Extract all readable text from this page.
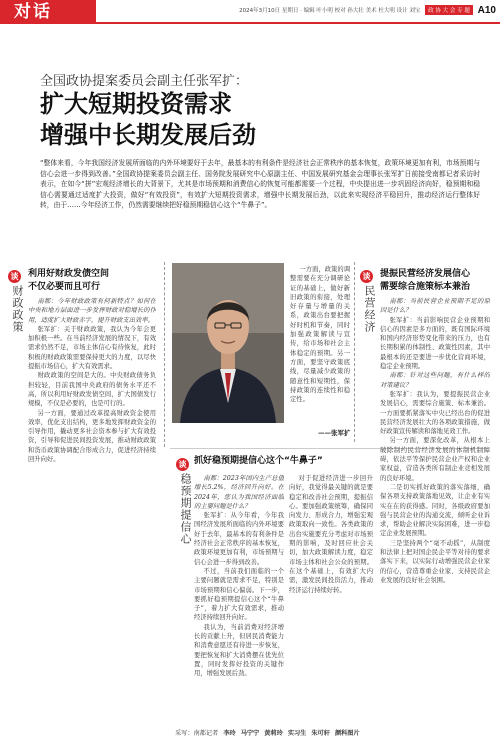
对话	2024年3月10日 星期日 · 编辑 叶小明 校对 孙大壮 美术 杜大明 设计 刘宝 政 协 大 会 专 题 A10
全国政协提案委员会副主任张军扩：
扩大短期投资需求
增强中长期发展后劲

“整体来看，今年我国经济发展所面临的内外环境要好于去年，最基本的有利条件是经济社会正常秩序的基本恢复，政策环境更加有利，市场预期与信心会进一步得到改善。”全国政协提案委员会副主任、国务院发展研究中心原副主任、中国发展研究基金会理事长张军扩日前接受南都记者采访时表示，在如今“拼”宏观经济增长的大背景下，尤其是市场预期和消费信心的恢复可能都需要一个过程，中央提出进一步巩固经济向好，稳预期和稳信心需要通过适度扩大投资，做好“有效投资”，有效扩大短期投资需求，增强中长期发展后劲，以此来实现经济平稳回升，推动经济运行整体好转，由于……今年经济工作，仍然需要继续把好稳预期稳信心这个“牛鼻子”。

谈
财政政策
利用好财政发债空间
不仅必要而且可行

南都：今年财政政策有何新特点？如何在中央和地方层面进一步发挥财政对稳增长的作用，适度扩大财政赤字，提升财政支出效率。

张军扩：关于财政政策，我认为今年会更加积极一些。在当前经济发展的情况下，有效需求仍然不足，市场主体信心有待恢复，此时积极的财政政策需要保持更大的力度，以尽快提振市场信心，扩大有效需求。

财政政策的空间是大的。中央财政债务负担较轻，目前我国中央政府的债务水平还不高，所以利用好财政发债空间，扩大国债发行规模，不仅是必要的，也是可行的。

另一方面，要通过改革提高财政资金使用效率，优化支出结构，更多地发挥财政资金的引导作用，撬动更多社会资本参与扩大有效投资，引导和促进民间投资发展，推动财政政策和货币政策协调配合形成合力，促进经济持续回升向好。

一方面，政策的调整需要在充分调研论证的基础上，做好新旧政策的衔接，处理好存量与增量的关系，政策出台要把握好时机和节奏，同时加强政策解读与宣传，给市场和社会主体稳定的预期。另一方面，要坚守政策底线，尽量减少政策的随意性和短期性，保持政策的连续性和稳定性。

——张军扩
谈
民营经济
提振民营经济发展信心
需要综合施策标本兼治

南都：当前民营企业预期不足的原因是什么？

张军扩：当前影响民营企业预期和信心的因素是多方面的，既有国际环境和国内经济形势变化带来的压力，也有长期积累的体制性、政策性因素，其中最根本的还是要进一步优化营商环境，稳定企业预期。

南都：针对这些问题，有什么样的对策建议？

张军扩：我认为，要提振民营企业发展信心，需要综合施策、标本兼治。一方面要抓紧落实中央已经出台的促进民营经济发展壮大的各项政策措施，做好政策宣传解读和落地见效工作。

另一方面，要深化改革，从根本上破除制约民营经济发展的体制机制障碍，依法平等保护民营企业产权和企业家权益，营造各类所有制企业竞相发展的良好环境。

二是切实抓好政策的落实落细，确保各项支持政策落地见效，让企业有实实在在的获得感。同时，各级政府要加强与民营企业的沟通交流，倾听企业诉求，帮助企业解决实际困难，进一步稳定企业发展预期。

三是坚持两个“毫不动摇”，从制度和法律上把对国企民企平等对待的要求落实下来，以实际行动增强民营企业家的信心，营造尊重企业家、支持民营企业发展的良好社会氛围。

谈
稳预期提信心
抓好稳预期提信心这个“牛鼻子”

南都：2023年国内生产总值增长5.2%，经济回升向好。在2024年，您认为我国经济面临的主要问题是什么？

张军扩：从今年看，今年我国经济发展所面临的内外环境要好于去年，最基本的有利条件是经济社会正常秩序的基本恢复，政策环境更加有利，市场预期与信心会进一步得到改善。

不过，当前我们面临的一个主要问题就是需求不足，特别是市场预期和信心偏弱。下一步，要抓好稳预期提信心这个“牛鼻子”，着力扩大有效需求，推动经济持续回升向好。

我认为，当前消费对经济增长的贡献上升，但居民消费能力和消费意愿还有待进一步恢复，要把恢复和扩大消费摆在优先位置，同时发挥好投资的关键作用，增强发展后劲。

对于促进经济进一步回升向好，我觉得最关键的就是要稳定和改善社会预期，提振信心。要加强政策统筹，确保同向发力、形成合力，增强宏观政策取向一致性。各类政策的出台实施要充分考虑对市场预期的影响，及时回应社会关切，加大政策解读力度，稳定市场主体和社会公众的预期。在这个基础上，有效扩大内需，激发民间投资活力，推动经济运行持续好转。

采写：南都记者 李玲 马宁宁 黄莉玲 实习生 朱可轩 颜科图片
